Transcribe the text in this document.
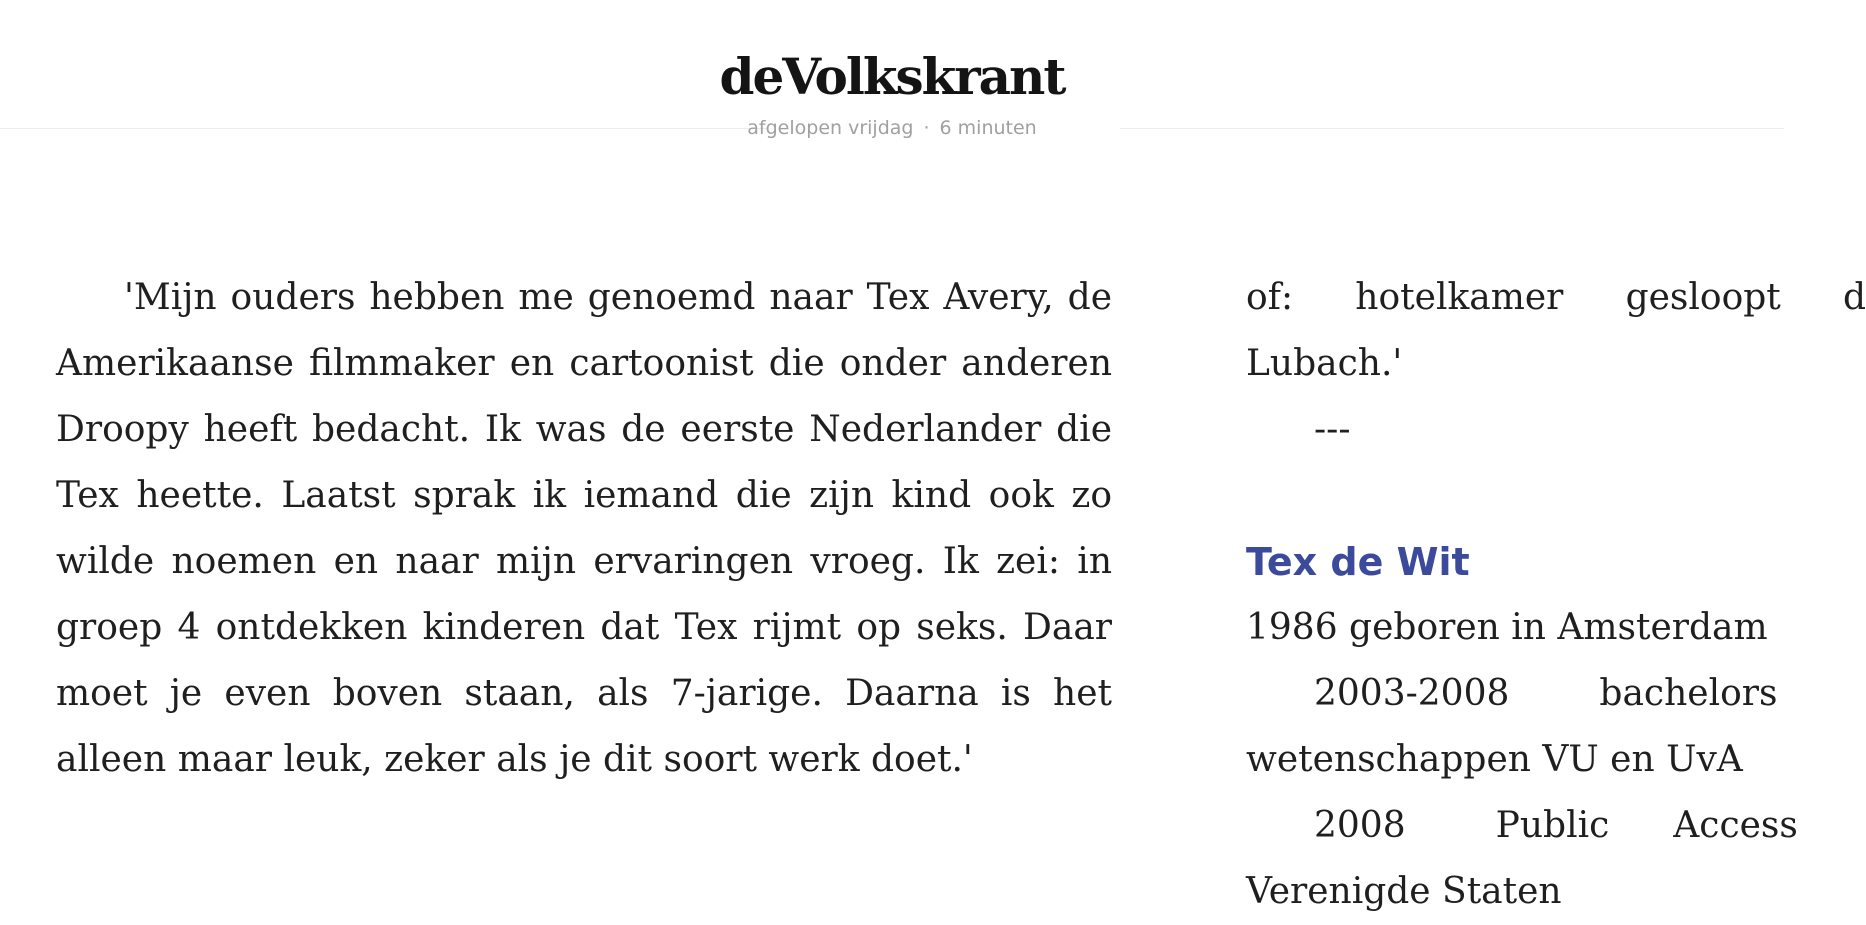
deVolkskrant
afgelopen vrijdag · 6 minuten

'Mijn ouders hebben me genoemd naar Tex Avery, de Amerikaanse filmmaker en cartoonist die onder anderen Droopy heeft bedacht. Ik was de eerste Nederlander die Tex heette. Laatst sprak ik iemand die zijn kind ook zo wilde noemen en naar mijn ervaringen vroeg. Ik zei: in groep 4 ontdekken kinderen dat Tex rijmt op seks. Daar moet je even boven staan, als 7-jarige. Daarna is het alleen maar leuk, zeker als je dit soort werk doet.'

of: hotelkamer gesloopt d Lubach.'

---
Tex de Wit
1986 geboren in Amsterdam
2003-2008	bachelors
wetenschappen VU en UvA
2008	Public Access
Verenigde Staten
